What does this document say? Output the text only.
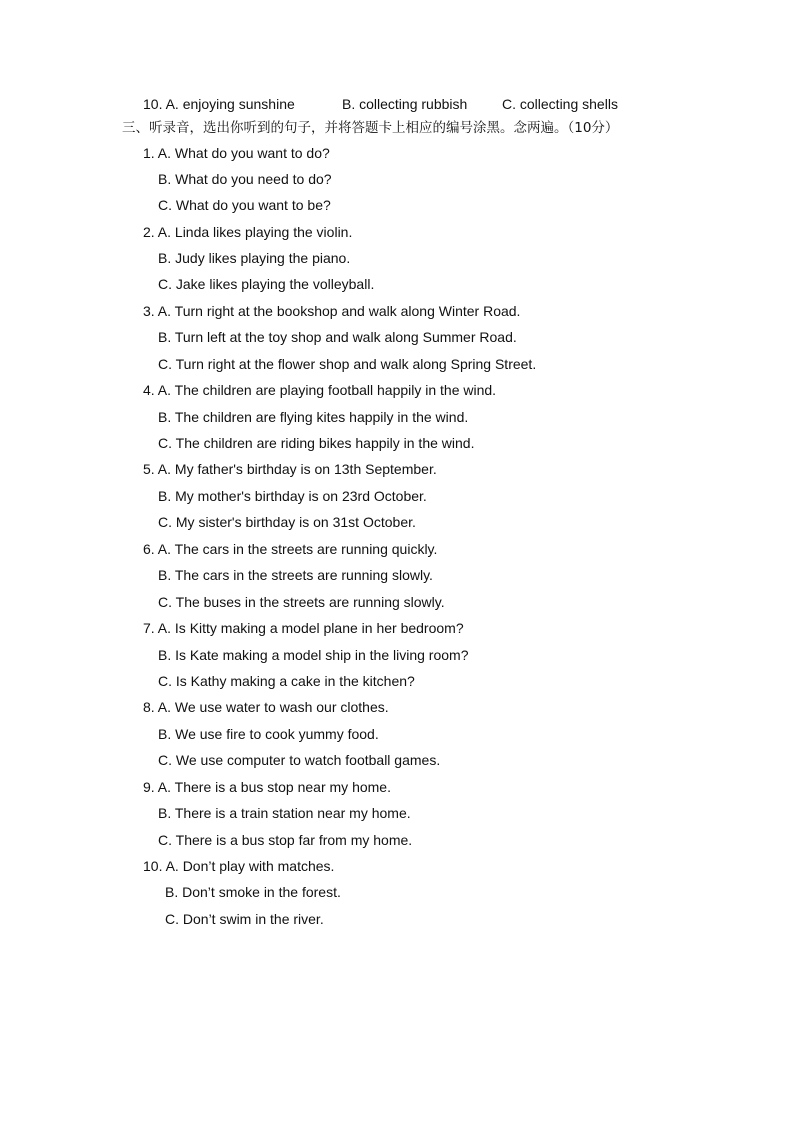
10. A. enjoying sunshine	B. collecting rubbish C. collecting shells
三、听录音，选出你听到的句子，并将答题卡上相应的编号涂黑。念两遍。（10分）
1. A. What do you want to do?
B. What do you need to do?
C. What do you want to be?
2. A. Linda likes playing the violin.
B. Judy likes playing the piano.
C. Jake likes playing the volleyball.
3. A. Turn right at the bookshop and walk along Winter Road.
B. Turn left at the toy shop and walk along Summer Road.
C. Turn right at the flower shop and walk along Spring Street.
4. A. The children are playing football happily in the wind.
B. The children are flying kites happily in the wind.
C. The children are riding bikes happily in the wind.
5. A. My father's birthday is on 13th September.
B. My mother's birthday is on 23rd October.
C. My sister's birthday is on 31st October.
6. A. The cars in the streets are running quickly.
B. The cars in the streets are running slowly.
C. The buses in the streets are running slowly.
7. A. Is Kitty making a model plane in her bedroom?
B. Is Kate making a model ship in the living room?
C. Is Kathy making a cake in the kitchen?
8. A. We use water to wash our clothes.
B. We use fire to cook yummy food.
C. We use computer to watch football games.
9. A. There is a bus stop near my home.
B. There is a train station near my home.
C. There is a bus stop far from my home.
10. A. Don’t play with matches.
B. Don’t smoke in the forest.
C. Don’t swim in the river.
